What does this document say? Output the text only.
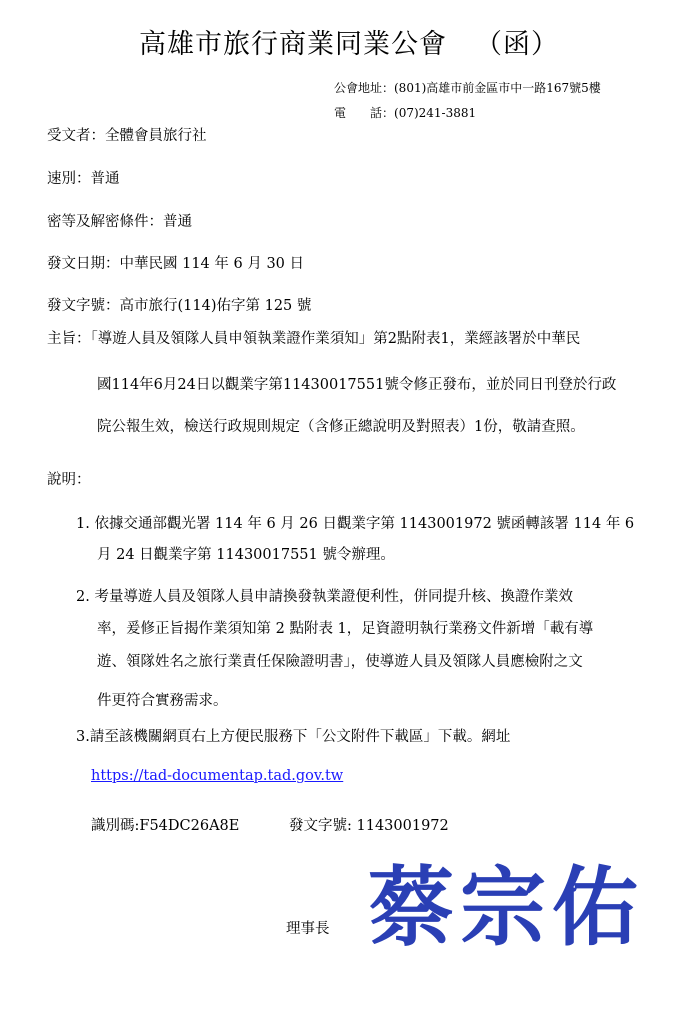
高雄市旅行商業同業公會 （函）
公會地址：(801)高雄市前金區市中一路167號5樓
電　　話：(07)241-3881
受文者：全體會員旅行社
速別：普通
密等及解密條件：普通
發文日期：中華民國 114 年 6 月 30 日
發文字號：高市旅行(114)佑字第 125 號
主旨：「導遊人員及領隊人員申領執業證作業須知」第2點附表1，業經該署於中華民
國114年6月24日以觀業字第11430017551號令修正發布，並於同日刊登於行政
院公報生效，檢送行政規則規定（含修正總說明及對照表）1份，敬請查照。
說明：
1. 依據交通部觀光署 114 年 6 月 26 日觀業字第 1143001972 號函轉該署 114 年 6
月 24 日觀業字第 11430017551 號令辦理。
2. 考量導遊人員及領隊人員申請換發執業證便利性，併同提升核、換證作業效
率，爰修正旨揭作業須知第 2 點附表 1，足資證明執行業務文件新增「載有導
遊、領隊姓名之旅行業責任保險證明書」，使導遊人員及領隊人員應檢附之文
件更符合實務需求。
3.請至該機關網頁右上方便民服務下「公文附件下載區」下載。網址
https://tad-documentap.tad.gov.tw
識別碼:F54DC26A8E	發文字號: 1143001972
理事長 蔡宗佑
